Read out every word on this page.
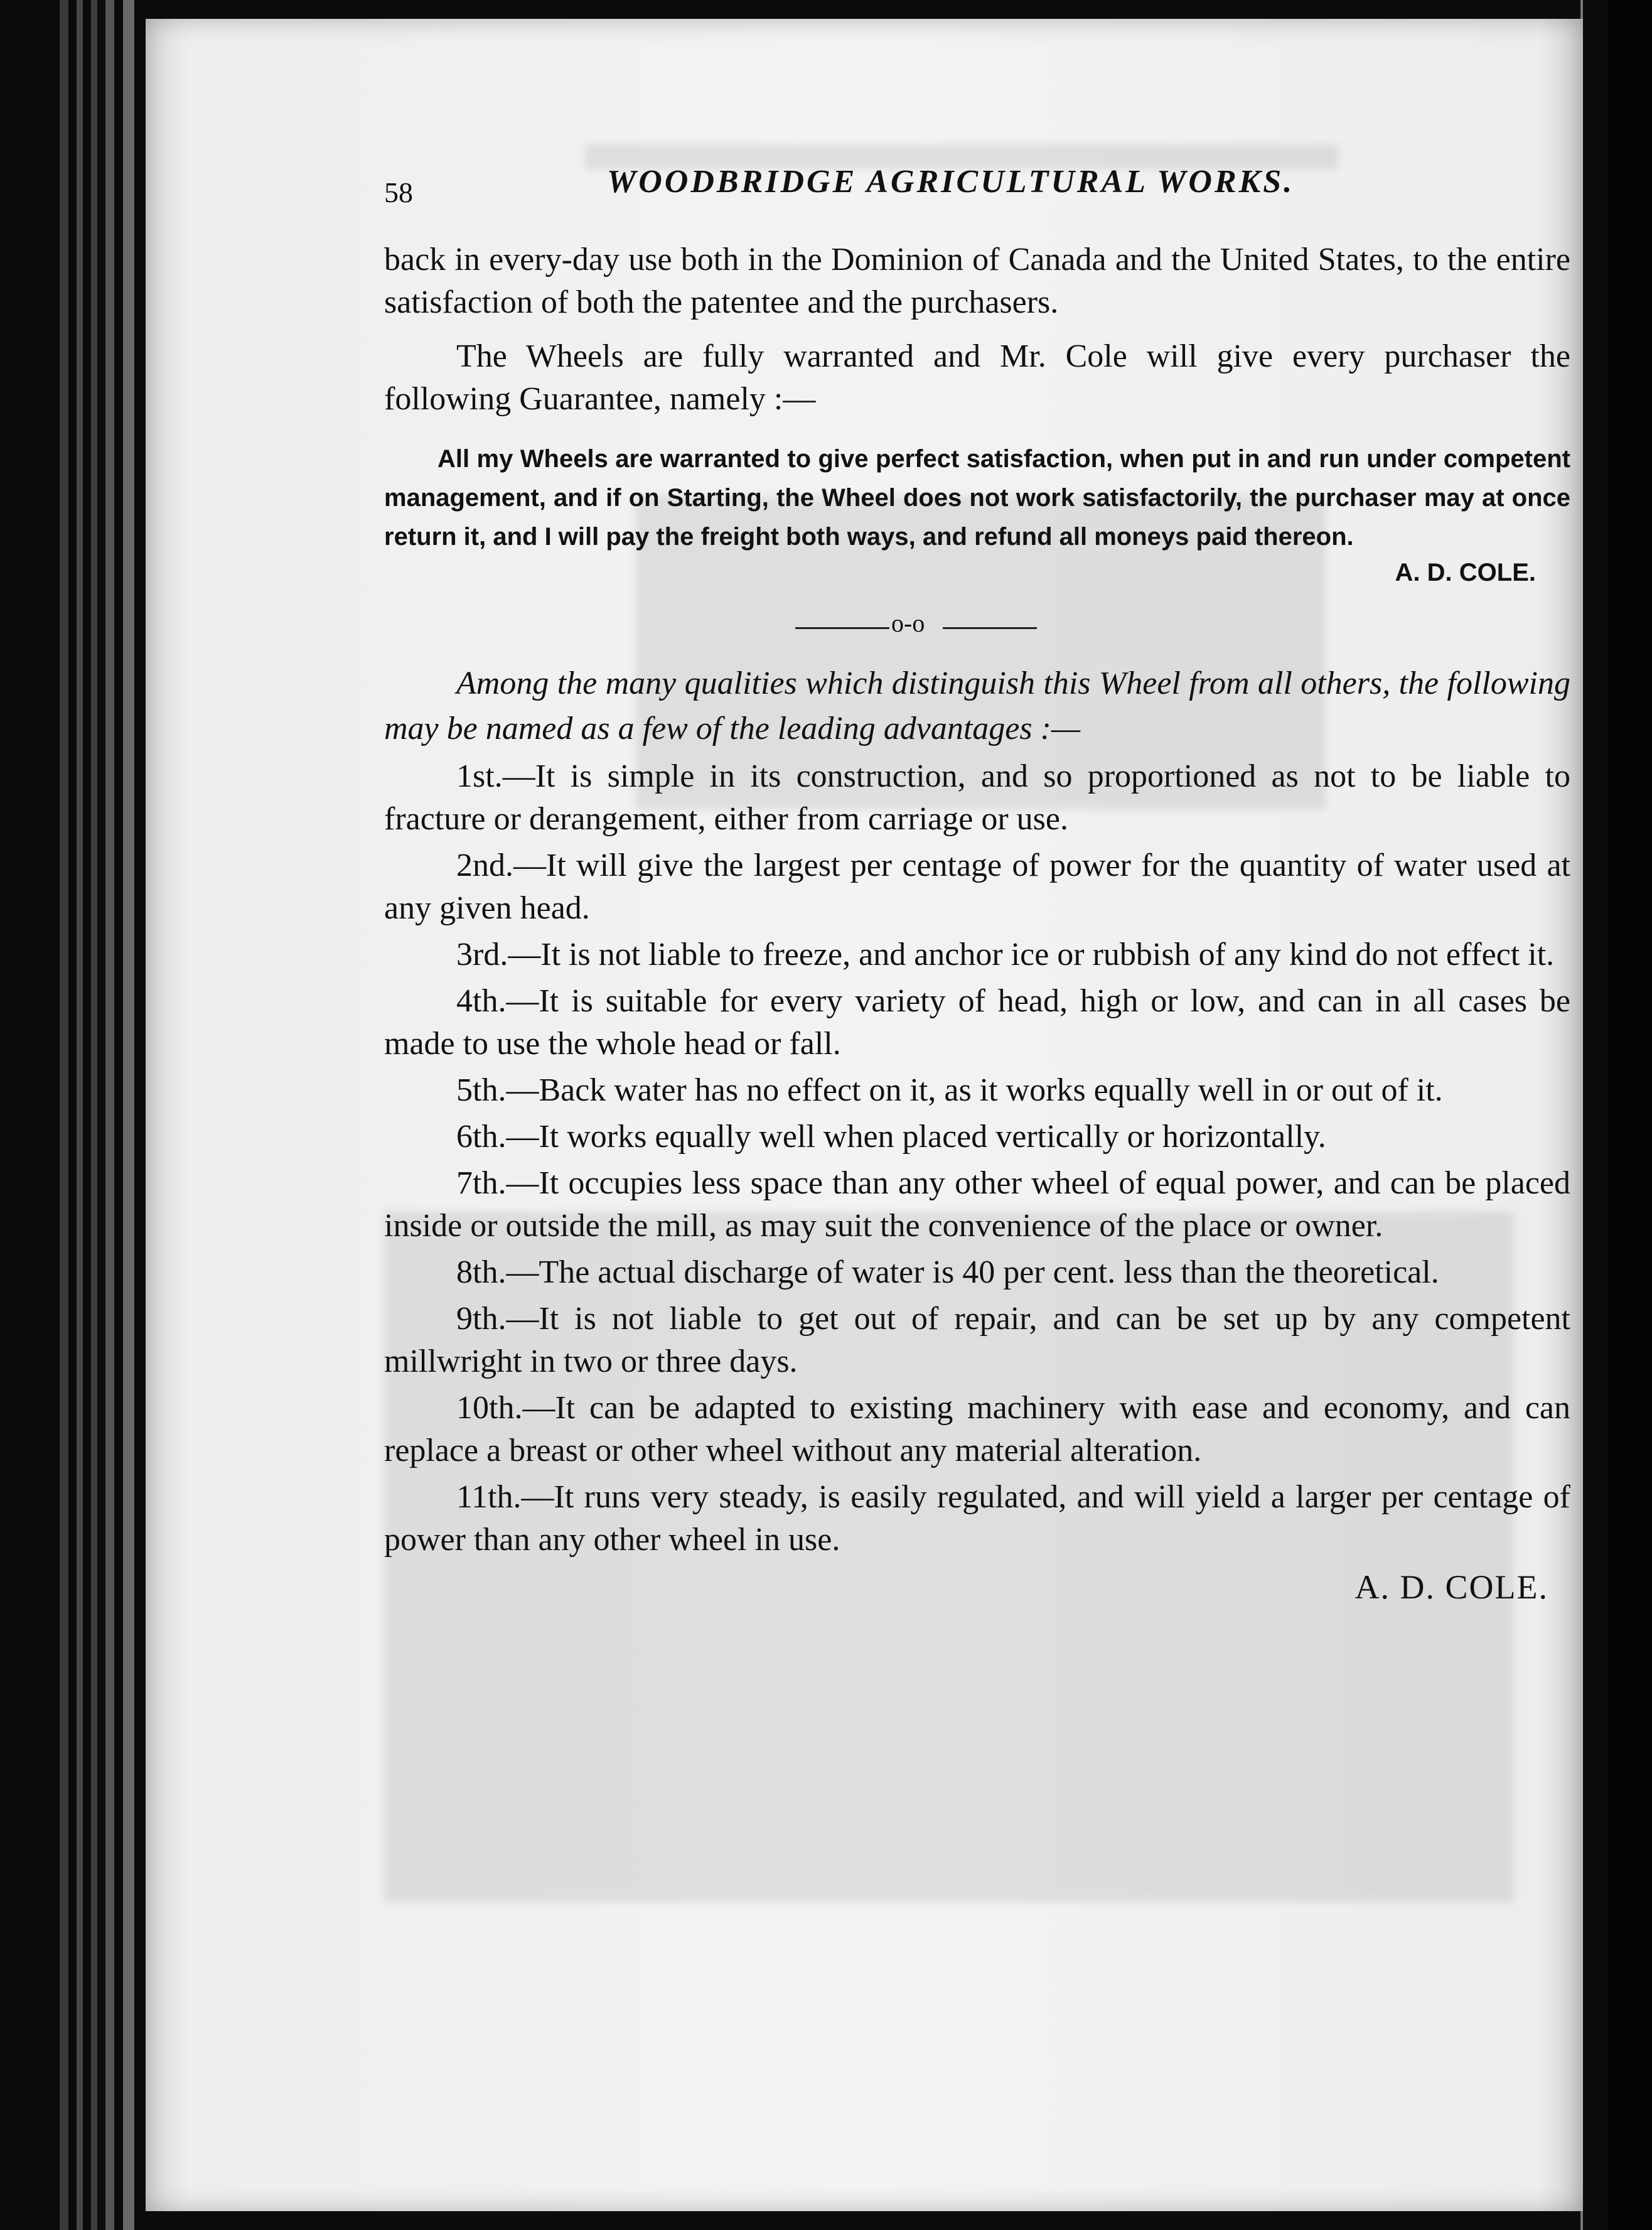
58	WOODBRIDGE AGRICULTURAL WORKS.

back in every-day use both in the Dominion of Canada and the United States, to the entire satisfaction of both the patentee and the purchasers.

The Wheels are fully warranted and Mr. Cole will give every purchaser the following Guarantee, namely :—

All my Wheels are warranted to give perfect satisfaction, when put in and run under competent management, and if on Starting, the Wheel does not work satisfactorily, the purchaser may at once return it, and I will pay the freight both ways, and refund all moneys paid thereon.

A. D. COLE.

o-o

Among the many qualities which distinguish this Wheel from all others, the following may be named as a few of the leading advantages :—

1st.—It is simple in its construction, and so proportioned as not to be liable to fracture or derangement, either from carriage or use.

2nd.—It will give the largest per centage of power for the quantity of water used at any given head.

3rd.—It is not liable to freeze, and anchor ice or rubbish of any kind do not effect it.

4th.—It is suitable for every variety of head, high or low, and can in all cases be made to use the whole head or fall.

5th.—Back water has no effect on it, as it works equally well in or out of it.

6th.—It works equally well when placed vertically or horizontally.

7th.—It occupies less space than any other wheel of equal power, and can be placed inside or outside the mill, as may suit the convenience of the place or owner.

8th.—The actual discharge of water is 40 per cent. less than the theoretical.

9th.—It is not liable to get out of repair, and can be set up by any competent millwright in two or three days.

10th.—It can be adapted to existing machinery with ease and economy, and can replace a breast or other wheel without any material alteration.

11th.—It runs very steady, is easily regulated, and will yield a larger per centage of power than any other wheel in use.

A. D. COLE.
